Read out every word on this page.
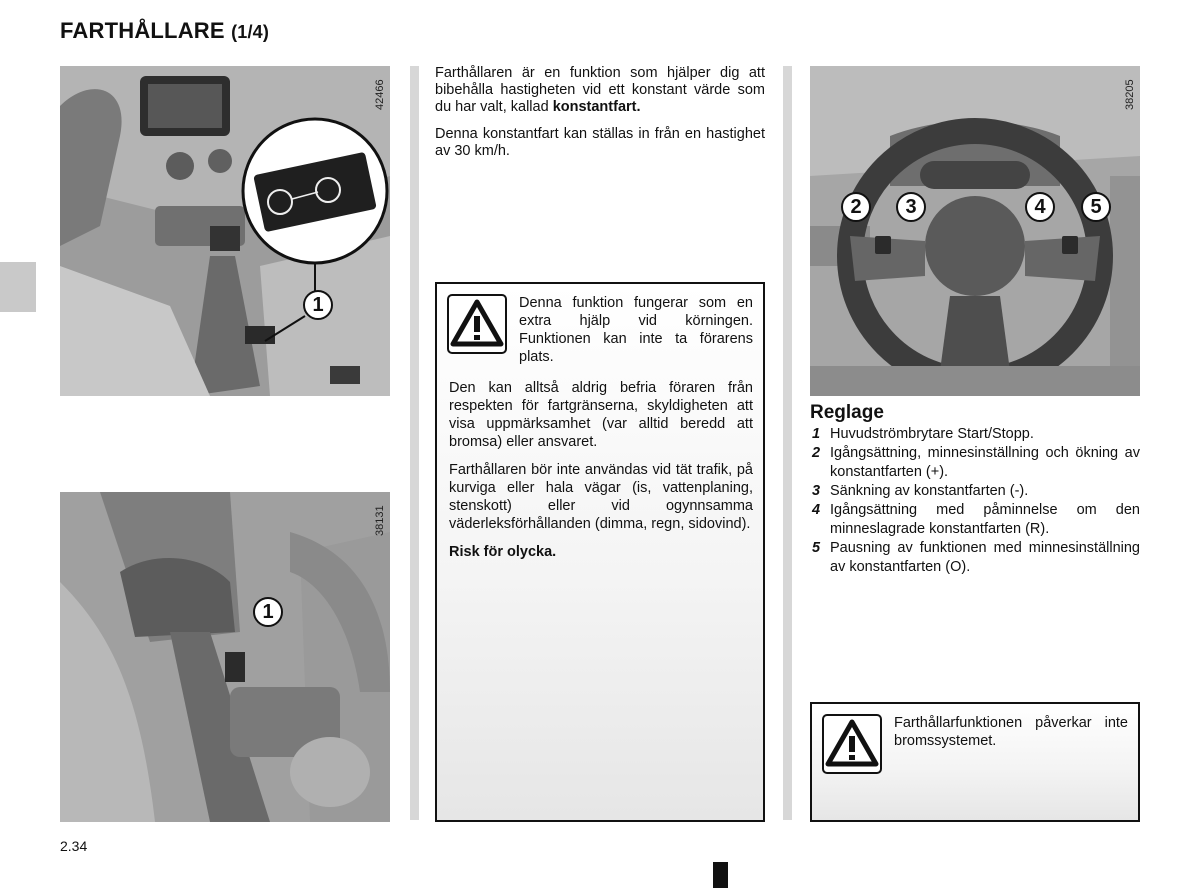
FARTHÅLLARE (1/4)
42466
1
38131
1

Farthållaren är en funktion som hjälper dig att bibehålla hastigheten vid ett konstant värde som du har valt, kallad konstantfart.

Denna konstantfart kan ställas in från en hastighet av 30 km/h.

Denna funktion fungerar som en extra hjälp vid körningen. Funktionen kan inte ta förarens plats.

Den kan alltså aldrig befria föraren från respekten för fartgränserna, skyldigheten att visa uppmärksamhet (var alltid beredd att bromsa) eller ansvaret.

Farthållaren bör inte användas vid tät trafik, på kurviga eller hala vägar (is, vattenplaning, stenskott) eller vid ogynnsamma väderleksförhållanden (dimma, regn, sidovind).

Risk för olycka.

38205
2	3	4	5
Reglage
1 Huvudströmbrytare Start/Stopp.
2 Igångsättning, minnesinställning och ökning av konstantfarten (+).
3 Sänkning av konstantfarten (-).
4 Igångsättning med påminnelse om den minneslagrade konstantfarten (R).
5 Pausning av funktionen med minnesinställning av konstantfarten (O).
Farthållarfunktionen påverkar inte bromssystemet.
2.34
